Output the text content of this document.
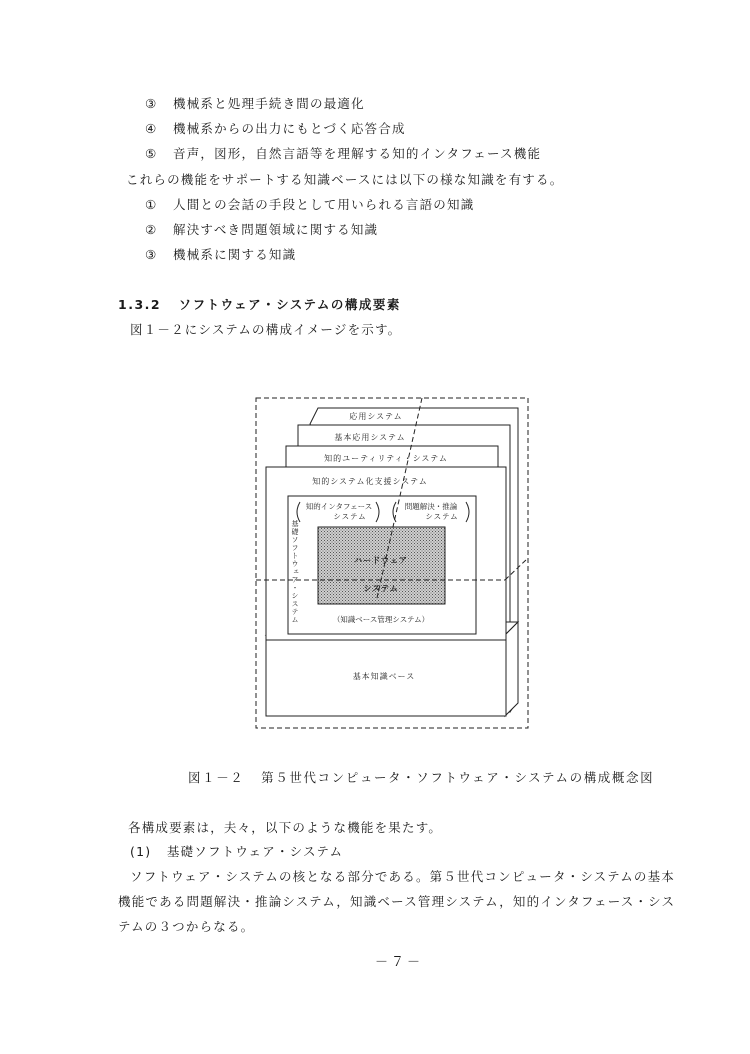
③ 機械系と処理手続き間の最適化
④ 機械系からの出力にもとづく応答合成
⑤ 音声，図形，自然言語等を理解する知的インタフェース機能
これらの機能をサポートする知識ベースには以下の様な知識を有する。
① 人間との会話の手段として用いられる言語の知識
② 解決すべき問題領域に関する知識
③ 機械系に関する知識
1.3.2 ソフトウェア・システムの構成要素
図１－２にシステムの構成イメージを示す。
応用システム
基本応用システム
知的ユーティリティ・システム
知的システム化支援システム
知的インタフェース
システム
問題解決・推論
システム
基礎ソフトウェア・システム	ハードウェア
システム
（知識ベース管理システム）
基本知識ベース
図１－２ 第５世代コンピュータ・ソフトウェア・システムの構成概念図
各構成要素は，夫々，以下のような機能を果たす。
(1) 基礎ソフトウェア・システム
ソフトウェア・システムの核となる部分である。第５世代コンピュータ・システムの基本
機能である問題解決・推論システム，知識ベース管理システム，知的インタフェース・シス
テムの３つからなる。
－７－
